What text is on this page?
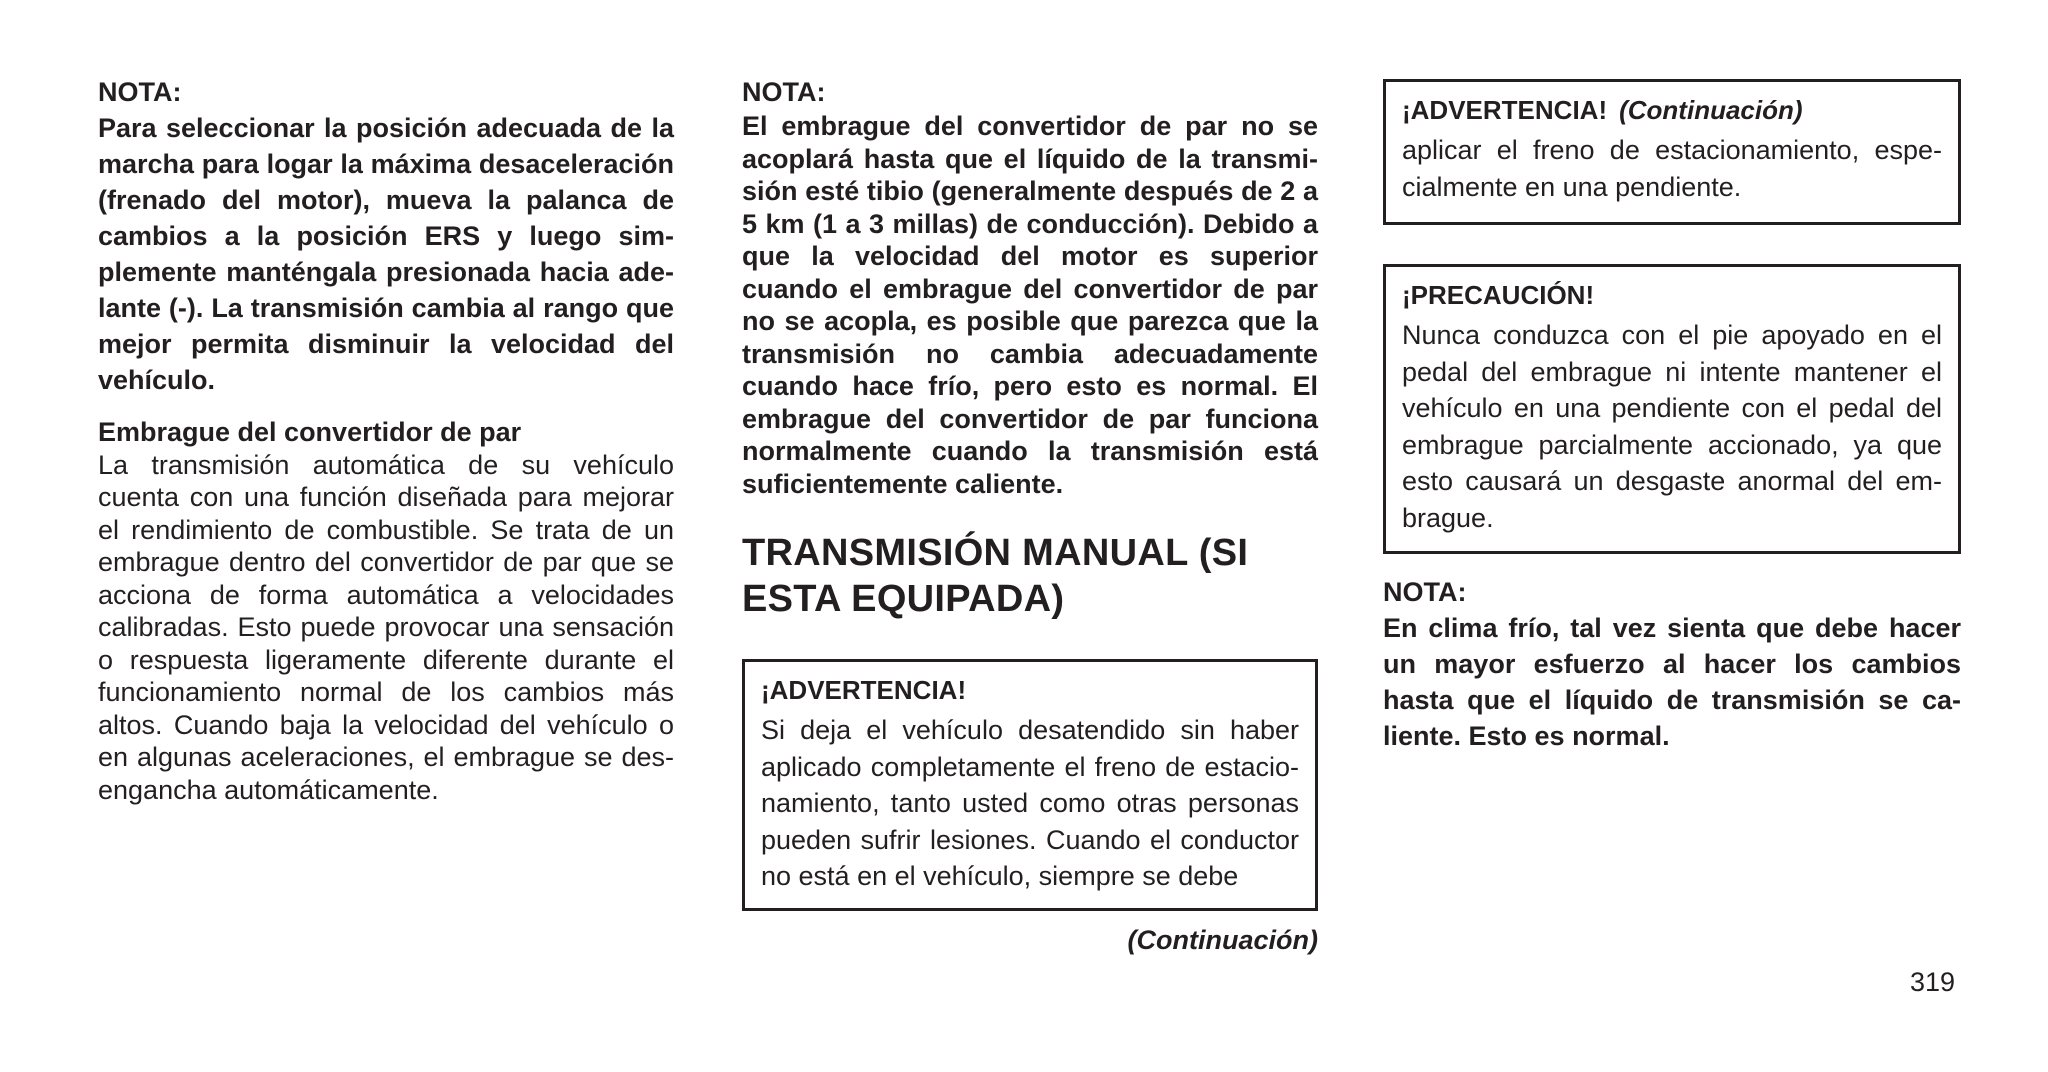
NOTA:
Para seleccionar la posición adecuada de la marcha para logar la máxima desaceleración (frenado del motor), mueva la palanca de cambios a la posición ERS y luego simplemente manténgala presionada hacia adelante (-). La transmisión cambia al rango que mejor permita disminuir la velocidad del vehículo.
Embrague del convertidor de par
La transmisión automática de su vehículo cuenta con una función diseñada para mejorar el rendimiento de combustible. Se trata de un embrague dentro del convertidor de par que se acciona de forma automática a velocidades calibradas. Esto puede provocar una sensación o respuesta ligeramente diferente durante el funcionamiento normal de los cambios más altos. Cuando baja la velocidad del vehículo o en algunas aceleraciones, el embrague se desengancha automáticamente.
NOTA:
El embrague del convertidor de par no se acoplará hasta que el líquido de la transmisión esté tibio (generalmente después de 2 a 5 km (1 a 3 millas) de conducción). Debido a que la velocidad del motor es superior cuando el embrague del convertidor de par no se acopla, es posible que parezca que la transmisión no cambia adecuadamente cuando hace frío, pero esto es normal. El embrague del convertidor de par funciona normalmente cuando la transmisión está suficientemente caliente.
TRANSMISIÓN MANUAL (SI ESTA EQUIPADA)
¡ADVERTENCIA!
Si deja el vehículo desatendido sin haber aplicado completamente el freno de estacionamiento, tanto usted como otras personas pueden sufrir lesiones. Cuando el conductor no está en el vehículo, siempre se debe
(Continuación)
¡ADVERTENCIA! (Continuación)
aplicar el freno de estacionamiento, especialmente en una pendiente.
¡PRECAUCIÓN!
Nunca conduzca con el pie apoyado en el pedal del embrague ni intente mantener el vehículo en una pendiente con el pedal del embrague parcialmente accionado, ya que esto causará un desgaste anormal del embrague.
NOTA:
En clima frío, tal vez sienta que debe hacer un mayor esfuerzo al hacer los cambios hasta que el líquido de transmisión se caliente. Esto es normal.
319
